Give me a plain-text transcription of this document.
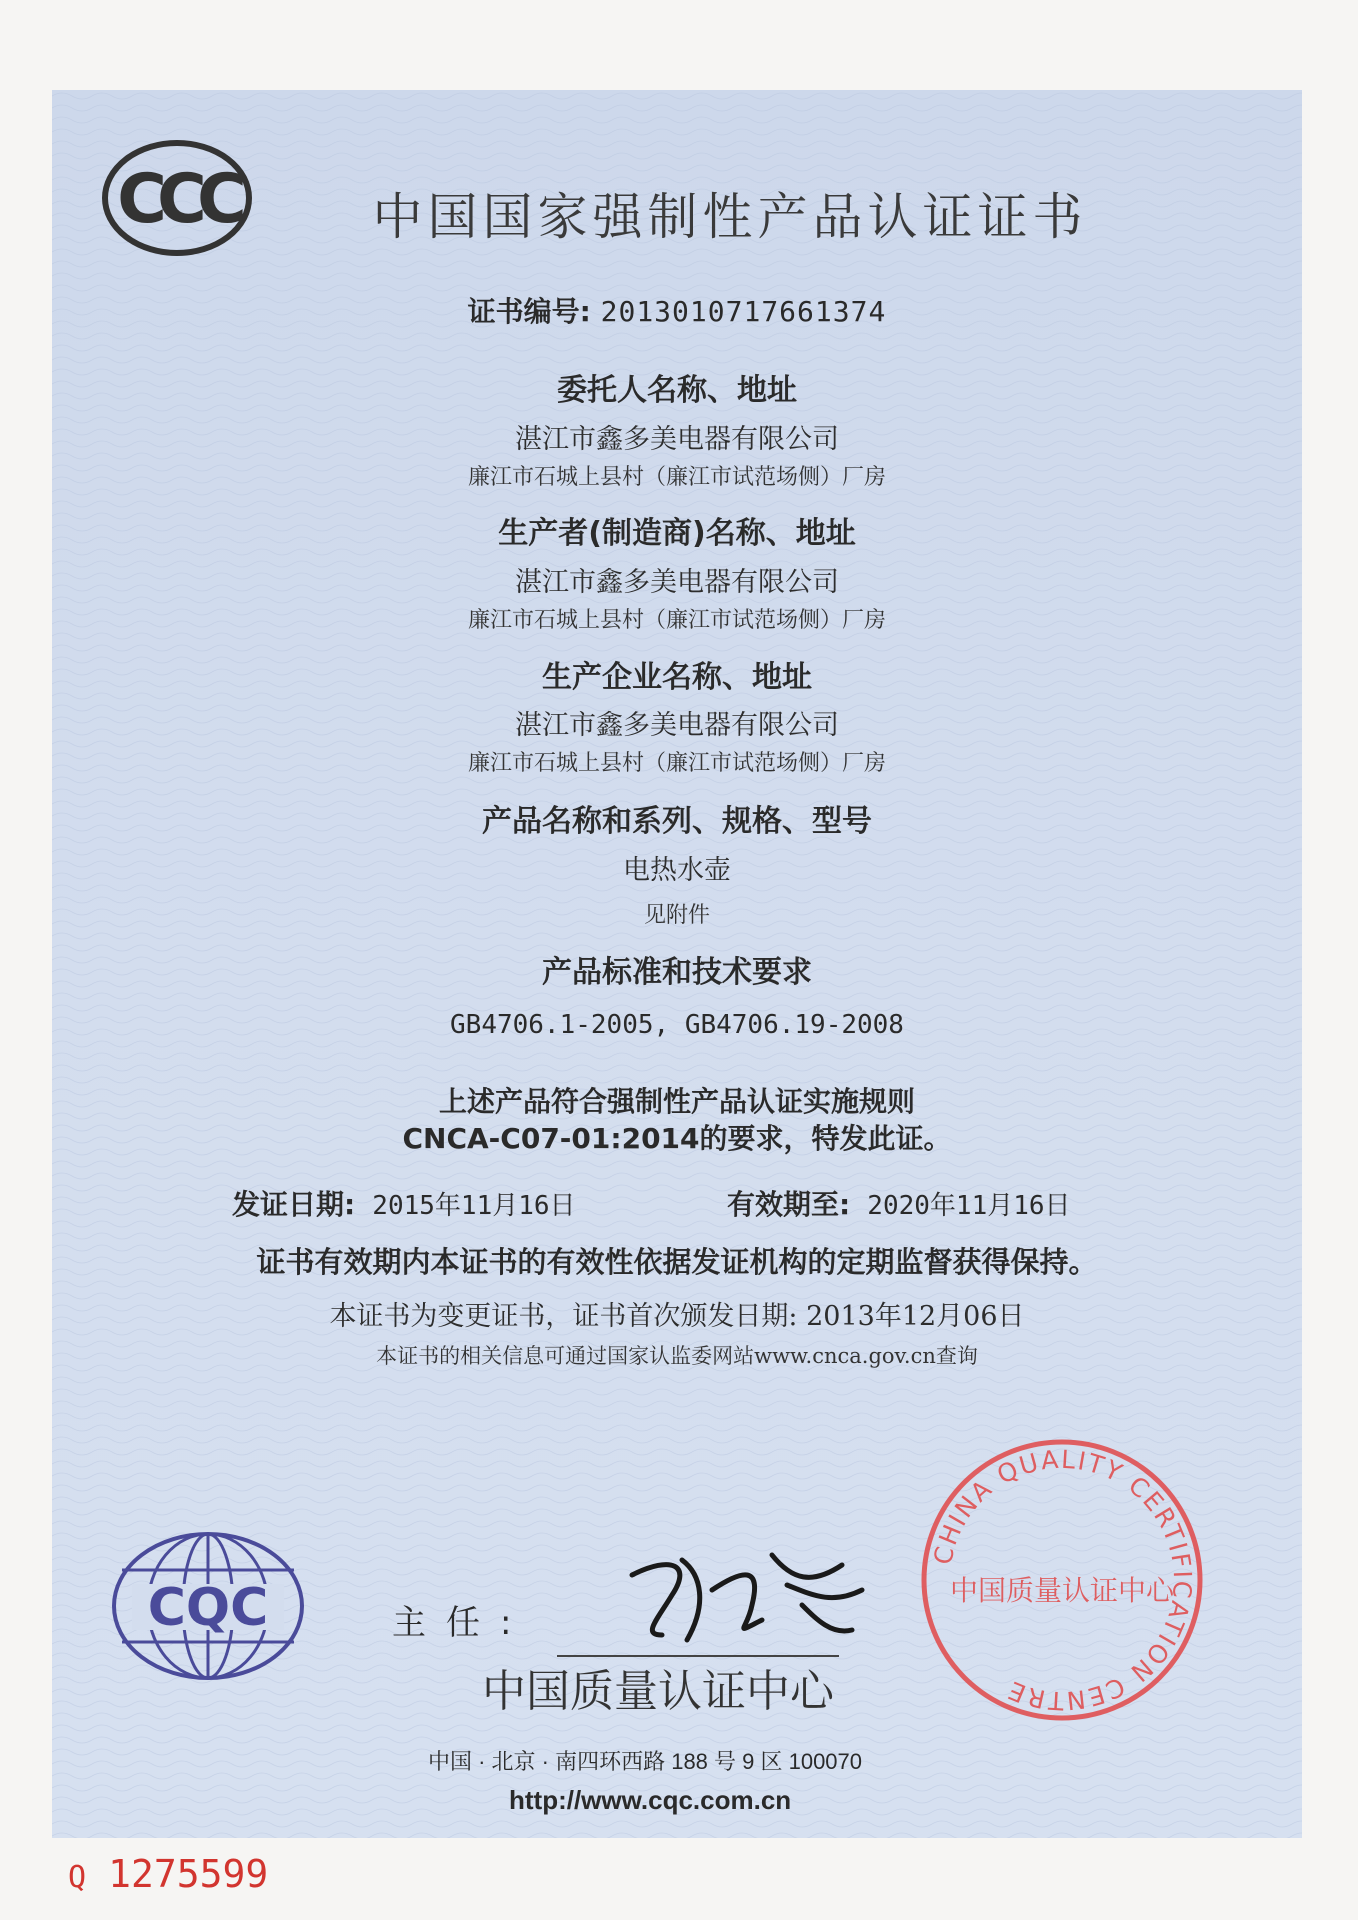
CCC	中国国家强制性产品认证证书
证书编号: 2013010717661374
委托人名称、地址
湛江市鑫多美电器有限公司
廉江市石城上县村（廉江市试范场侧）厂房
生产者(制造商)名称、地址
湛江市鑫多美电器有限公司
廉江市石城上县村（廉江市试范场侧）厂房
生产企业名称、地址
湛江市鑫多美电器有限公司
廉江市石城上县村（廉江市试范场侧）厂房
产品名称和系列、规格、型号
电热水壶
见附件
产品标准和技术要求
GB4706.1-2005, GB4706.19-2008
上述产品符合强制性产品认证实施规则
CNCA-C07-01:2014的要求，特发此证。
发证日期: 2015年11月16日	有效期至: 2020年11月16日
证书有效期内本证书的有效性依据发证机构的定期监督获得保持。
本证书为变更证书，证书首次颁发日期: 2013年12月06日
本证书的相关信息可通过国家认监委网站www.cnca.gov.cn查询
CQC	主任:
中国质量认证中心
中国 · 北京 · 南四环西路 188 号 9 区 100070
http://www.cqc.com.cn
CHINA QUALITY CERTIFICATION CENTRE
中国质量认证中心
Q 1275599
